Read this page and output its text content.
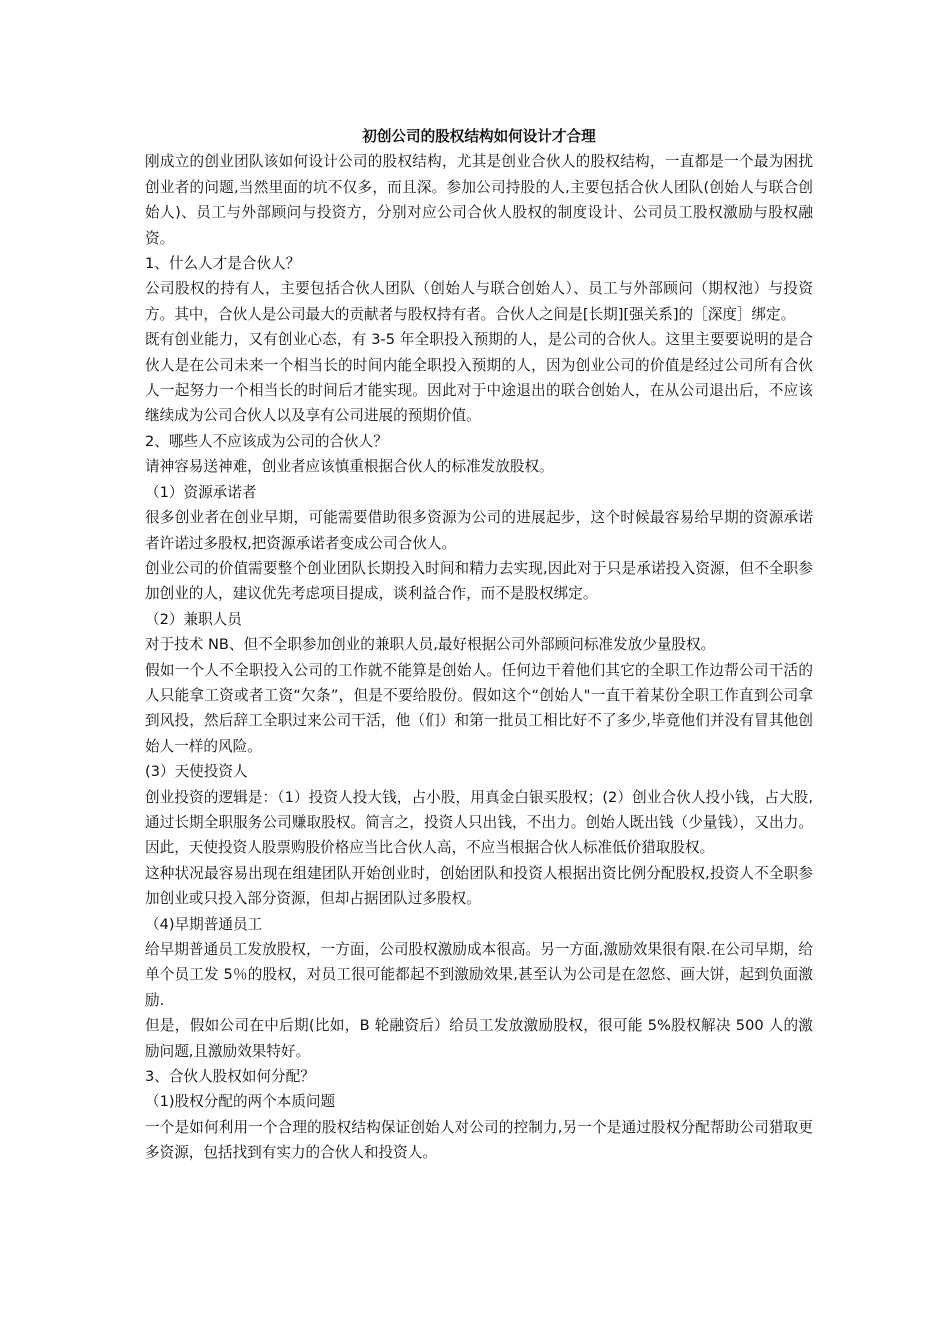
初创公司的股权结构如何设计才合理

刚成立的创业团队该如何设计公司的股权结构，尤其是创业合伙人的股权结构，一直都是一个最为困扰创业者的问题,当然里面的坑不仅多，而且深。参加公司持股的人,主要包括合伙人团队(创始人与联合创始人)、员工与外部顾问与投资方，分别对应公司合伙人股权的制度设计、公司员工股权激励与股权融资。

1、什么人才是合伙人？

公司股权的持有人，主要包括合伙人团队（创始人与联合创始人）、员工与外部顾问（期权池）与投资方。其中，合伙人是公司最大的贡献者与股权持有者。合伙人之间是[长期][强关系]的［深度］绑定。

既有创业能力，又有创业心态，有 3-5 年全职投入预期的人，是公司的合伙人。这里主要要说明的是合伙人是在公司未来一个相当长的时间内能全职投入预期的人，因为创业公司的价值是经过公司所有合伙人一起努力一个相当长的时间后才能实现。因此对于中途退出的联合创始人，在从公司退出后，不应该继续成为公司合伙人以及享有公司进展的预期价值。

2、哪些人不应该成为公司的合伙人？

请神容易送神难，创业者应该慎重根据合伙人的标准发放股权。

（1）资源承诺者

很多创业者在创业早期，可能需要借助很多资源为公司的进展起步，这个时候最容易给早期的资源承诺者许诺过多股权,把资源承诺者变成公司合伙人。

创业公司的价值需要整个创业团队长期投入时间和精力去实现,因此对于只是承诺投入资源，但不全职参加创业的人，建议优先考虑项目提成，谈利益合作，而不是股权绑定。

（2）兼职人员

对于技术 NB、但不全职参加创业的兼职人员,最好根据公司外部顾问标准发放少量股权。

假如一个人不全职投入公司的工作就不能算是创始人。任何边干着他们其它的全职工作边帮公司干活的人只能拿工资或者工资“欠条”，但是不要给股份。假如这个“创始人"一直干着某份全职工作直到公司拿到风投，然后辞工全职过来公司干活，他（们）和第一批员工相比好不了多少,毕竟他们并没有冒其他创始人一样的风险。

(3）天使投资人

创业投资的逻辑是：（1）投资人投大钱，占小股，用真金白银买股权；(2）创业合伙人投小钱，占大股,通过长期全职服务公司赚取股权。简言之，投资人只出钱，不出力。创始人既出钱（少量钱），又出力。因此，天使投资人股票购股价格应当比合伙人高，不应当根据合伙人标准低价猎取股权。

这种状况最容易出现在组建团队开始创业时，创始团队和投资人根据出资比例分配股权,投资人不全职参加创业或只投入部分资源，但却占据团队过多股权。

（4)早期普通员工

给早期普通员工发放股权，一方面，公司股权激励成本很高。另一方面,激励效果很有限.在公司早期，给单个员工发 5％的股权，对员工很可能都起不到激励效果,甚至认为公司是在忽悠、画大饼，起到负面激励.

但是，假如公司在中后期(比如，B 轮融资后）给员工发放激励股权，很可能 5%股权解决 500 人的激励问题,且激励效果特好。

3、合伙人股权如何分配？

（1)股权分配的两个本质问题

一个是如何利用一个合理的股权结构保证创始人对公司的控制力,另一个是通过股权分配帮助公司猎取更多资源，包括找到有实力的合伙人和投资人。
